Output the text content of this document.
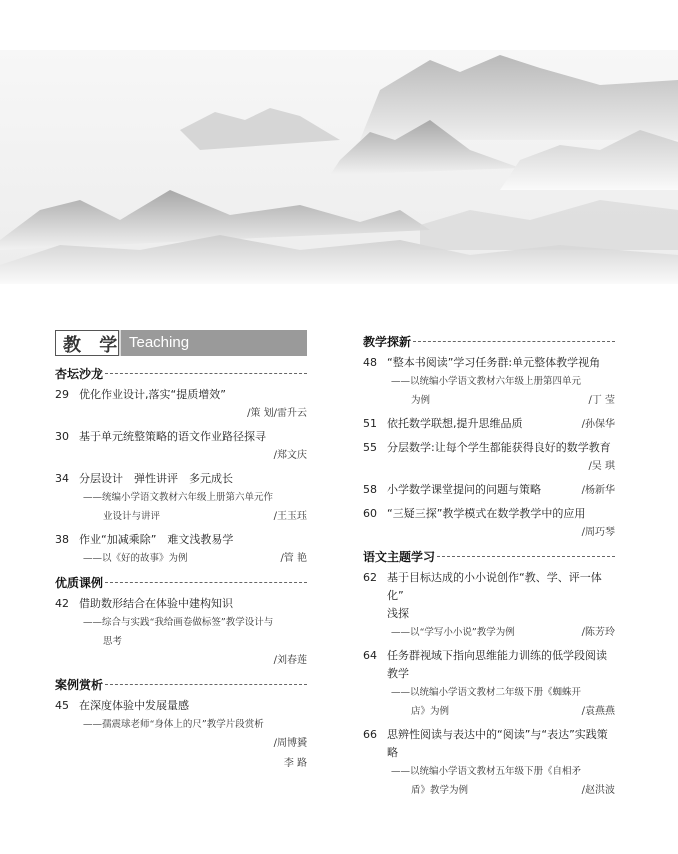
教 学 Teaching
杏坛沙龙
29 优化作业设计,落实“提质增效”
/策 划/雷升云
30 基于单元统整策略的语文作业路径探寻
/郑文庆
34 分层设计　弹性讲评　多元成长
——统编小学语文教材六年级上册第六单元作
业设计与讲评	/王玉珏
38 作业“加减乘除”　难文浅教易学
——以《好的故事》为例	/管 艳
优质课例
42 借助数形结合在体验中建构知识
——综合与实践“我给画卷做标签”教学设计与
思考
/刘春莲
案例赏析
45 在深度体验中发展量感
——孺震球老师“身体上的尺”教学片段赏析
/周博贇
李 路
教学探新
48 “整本书阅读”学习任务群:单元整体教学视角
——以统编小学语文教材六年级上册第四单元
为例	/丁 莹
51 依托数学联想,提升思维品质	/孙保华
55 分层数学:让每个学生都能获得良好的数学教育
/吴 琪
58 小学数学课堂提问的问题与策略	/杨新华
60 “三疑三探”教学模式在数学教学中的应用
/周巧琴
语文主题学习
62 基于目标达成的小小说创作“教、学、评一体化”
浅探
——以“学写小小说”教学为例	/陈芳玲
64 任务群视域下指向思维能力训练的低学段阅读
教学
——以统编小学语文教材二年级下册《蜘蛛开
店》为例	/袁燕燕
66 思辨性阅读与表达中的“阅读”与“表达”实践策略
——以统编小学语文教材五年级下册《自相矛
盾》教学为例	/赵洪波
